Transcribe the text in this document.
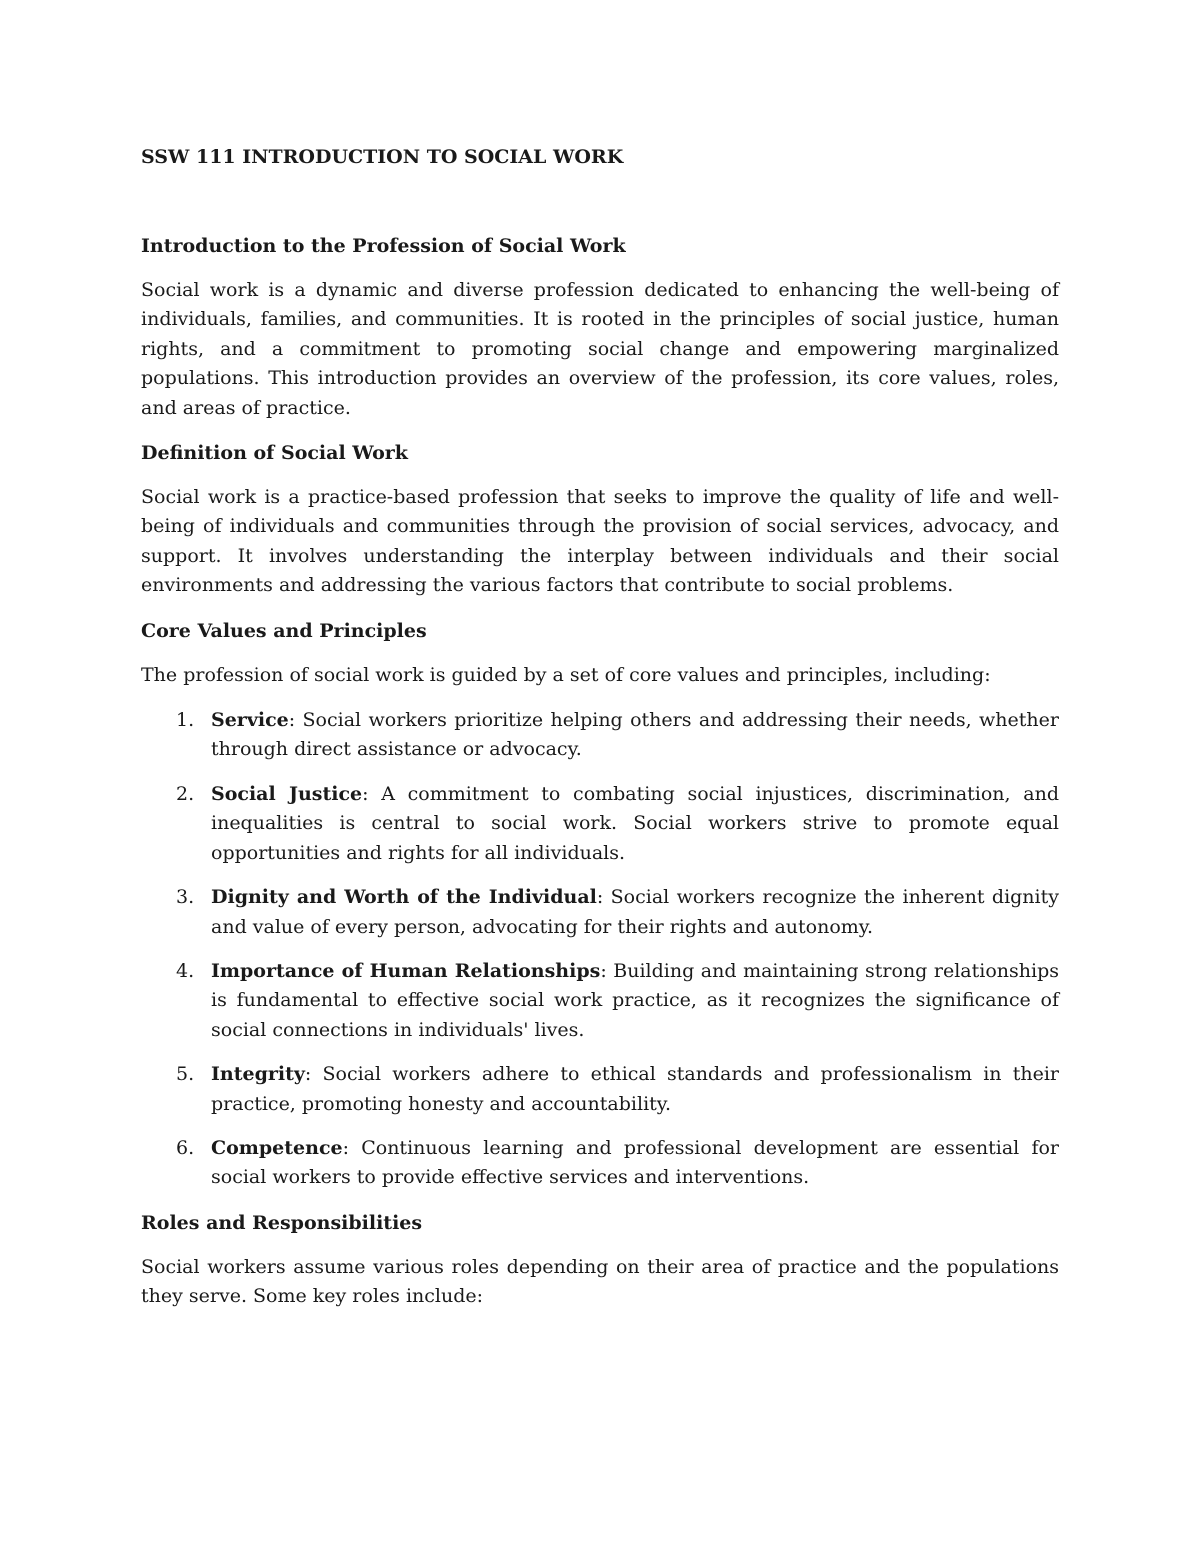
SSW 111 INTRODUCTION TO SOCIAL WORK
Introduction to the Profession of Social Work

Social work is a dynamic and diverse profession dedicated to enhancing the well-being of individuals, families, and communities. It is rooted in the principles of social justice, human rights, and a commitment to promoting social change and empowering marginalized populations. This introduction provides an overview of the profession, its core values, roles, and areas of practice.

Definition of Social Work

Social work is a practice-based profession that seeks to improve the quality of life and well-being of individuals and communities through the provision of social services, advocacy, and support. It involves understanding the interplay between individuals and their social environments and addressing the various factors that contribute to social problems.

Core Values and Principles

The profession of social work is guided by a set of core values and principles, including:

1. Service: Social workers prioritize helping others and addressing their needs, whether through direct assistance or advocacy.
2. Social Justice: A commitment to combating social injustices, discrimination, and inequalities is central to social work. Social workers strive to promote equal opportunities and rights for all individuals.
3. Dignity and Worth of the Individual: Social workers recognize the inherent dignity and value of every person, advocating for their rights and autonomy.
4. Importance of Human Relationships: Building and maintaining strong relationships is fundamental to effective social work practice, as it recognizes the significance of social connections in individuals' lives.
5. Integrity: Social workers adhere to ethical standards and professionalism in their practice, promoting honesty and accountability.
6. Competence: Continuous learning and professional development are essential for social workers to provide effective services and interventions.
Roles and Responsibilities

Social workers assume various roles depending on their area of practice and the populations they serve. Some key roles include:
